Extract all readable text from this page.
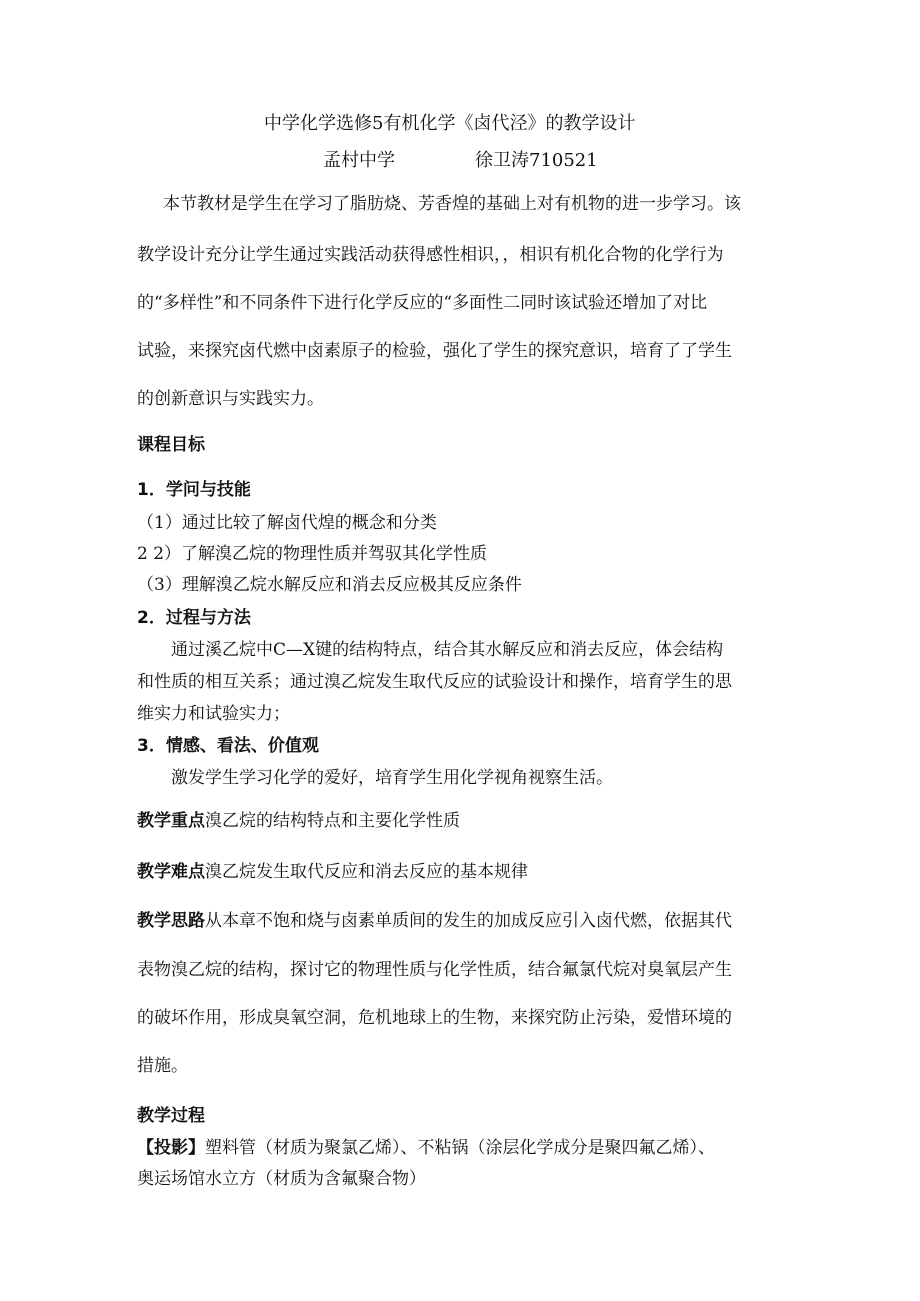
中学化学选修5有机化学《卤代泾》的教学设计
孟村中学	徐卫涛710521
本节教材是学生在学习了脂肪烧、芳香煌的基础上对有机物的进一步学习。该
教学设计充分让学生通过实践活动获得感性相识，，相识有机化合物的化学行为
的“多样性”和不同条件下进行化学反应的“多面性二同时该试验还增加了对比
试验，来探究卤代燃中卤素原子的检验，强化了学生的探究意识，培育了了学生
的创新意识与实践实力。
课程目标
1．学问与技能
（1）通过比较了解卤代煌的概念和分类
2 2）了解溴乙烷的物理性质并驾驭其化学性质
（3）理解溴乙烷水解反应和消去反应极其反应条件
2．过程与方法
通过溪乙烷中C—X键的结构特点，结合其水解反应和消去反应，体会结构
和性质的相互关系；通过溴乙烷发生取代反应的试验设计和操作，培育学生的思
维实力和试验实力；
3．情感、看法、价值观
激发学生学习化学的爱好，培育学生用化学视角视察生活。
教学重点溴乙烷的结构特点和主要化学性质
教学难点溴乙烷发生取代反应和消去反应的基本规律
教学思路从本章不饱和烧与卤素单质间的发生的加成反应引入卤代燃，依据其代
表物溴乙烷的结构，探讨它的物理性质与化学性质，结合氟氯代烷对臭氧层产生
的破坏作用，形成臭氧空洞，危机地球上的生物，来探究防止污染，爱惜环境的
措施。
教学过程
【投影】塑料管（材质为聚氯乙烯）、不粘锅（涂层化学成分是聚四氟乙烯）、
奥运场馆水立方（材质为含氟聚合物）
